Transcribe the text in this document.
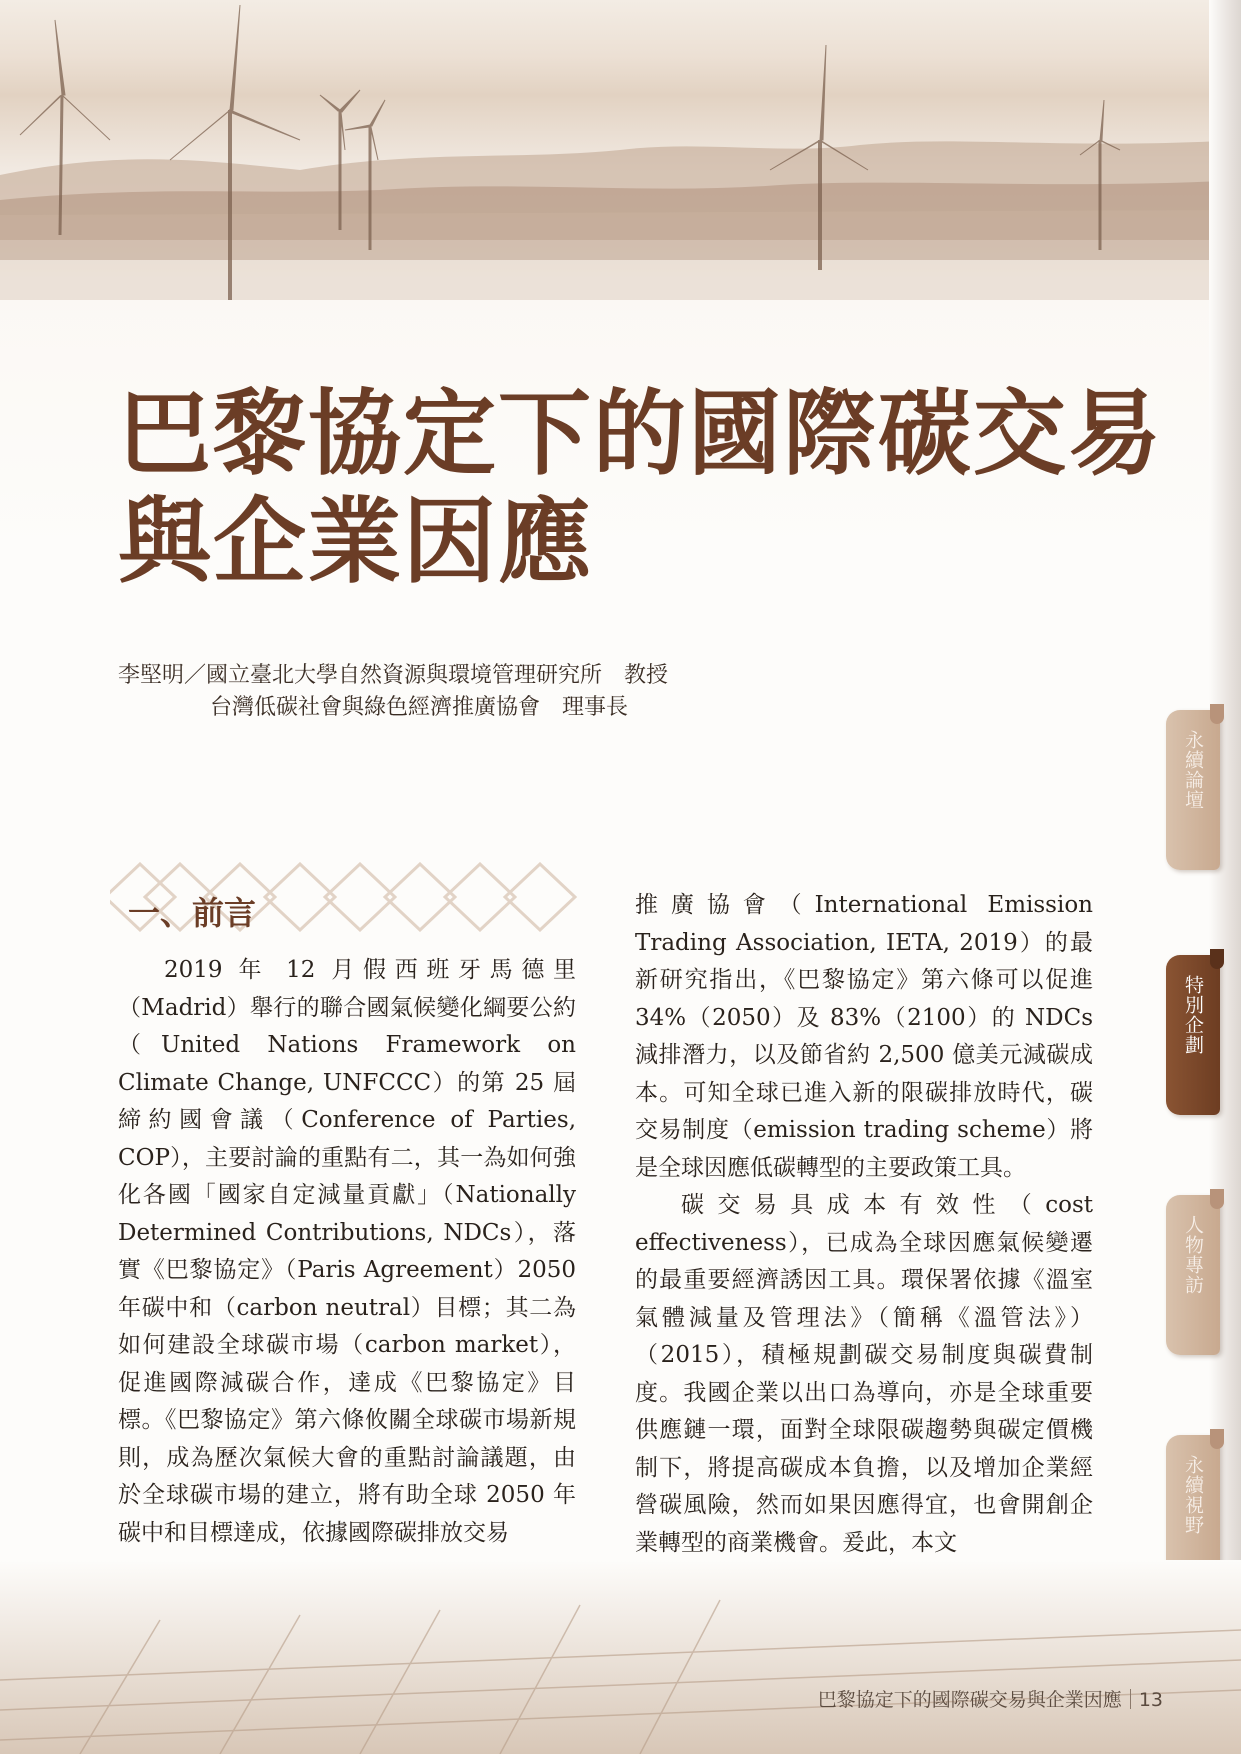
巴黎協定下的國際碳交易
與企業因應
李堅明／國立臺北大學自然資源與環境管理研究所　教授
台灣低碳社會與綠色經濟推廣協會　理事長
一、前言

2019 年 12 月假西班牙馬德里（Madrid）舉行的聯合國氣候變化綱要公約（United Nations Framework on Climate Change, UNFCCC）的第 25 屆締約國會議（Conference of Parties, COP），主要討論的重點有二，其一為如何強化各國「國家自定減量貢獻」（Nationally Determined Contributions, NDCs），落實《巴黎協定》（Paris Agreement）2050 年碳中和（carbon neutral）目標；其二為如何建設全球碳市場（carbon market），促進國際減碳合作，達成《巴黎協定》目標。《巴黎協定》第六條攸關全球碳市場新規則，成為歷次氣候大會的重點討論議題，由於全球碳市場的建立，將有助全球 2050 年碳中和目標達成，依據國際碳排放交易

推廣協會（International Emission Trading Association, IETA, 2019）的最新研究指出，《巴黎協定》第六條可以促進 34%（2050）及 83%（2100）的 NDCs 減排潛力，以及節省約 2,500 億美元減碳成本。可知全球已進入新的限碳排放時代，碳交易制度（emission trading scheme）將是全球因應低碳轉型的主要政策工具。

碳交易具成本有效性（cost effectiveness），已成為全球因應氣候變遷的最重要經濟誘因工具。環保署依據《溫室氣體減量及管理法》（簡稱《溫管法》）（2015），積極規劃碳交易制度與碳費制度。我國企業以出口為導向，亦是全球重要供應鏈一環，面對全球限碳趨勢與碳定價機制下，將提高碳成本負擔，以及增加企業經營碳風險，然而如果因應得宜，也會開創企業轉型的商業機會。爰此，本文

永續論壇
特別企劃
人物專訪
永續視野
巴黎協定下的國際碳交易與企業因應 13
